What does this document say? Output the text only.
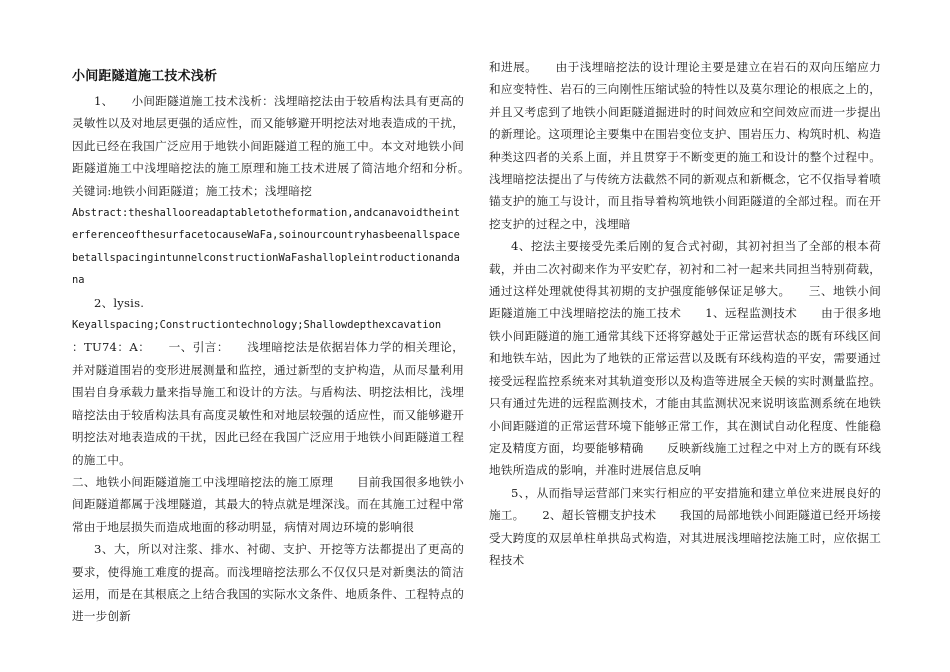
小间距隧道施工技术浅析

1、　　小间距隧道施工技术浅析：浅埋暗挖法由于较盾构法具有更高的灵敏性以及对地层更强的适应性，而又能够避开明挖法对地表造成的干扰，因此已经在我国广泛应用于地铁小间距隧道工程的施工中。本文对地铁小间距隧道施工中浅埋暗挖法的施工原理和施工技术进展了简洁地介绍和分析。　　关键词:地铁小间距隧道；施工技术；浅埋暗挖

Abstract:theshallooreadaptabletotheformation,andcanavoidtheinterferenceofthesurfacetocauseWaFa,soinourcountryhasbeenallspacebetallspacingintunnelconstructionWaFashallopleintroductionandana

2、lysis.

Keyallspacing;Constructiontechnology;Shallowdepthexcavation

：TU74：A：　　一、引言：　　浅埋暗挖法是依据岩体力学的相关理论，并对隧道围岩的变形进展测量和监控，通过新型的支护构造，从而尽量利用围岩自身承载力量来指导施工和设计的方法。与盾构法、明挖法相比，浅埋暗挖法由于较盾构法具有高度灵敏性和对地层较强的适应性，而又能够避开明挖法对地表造成的干扰，因此已经在我国广泛应用于地铁小间距隧道工程的施工中。

二、地铁小间距隧道施工中浅埋暗挖法的施工原理　　目前我国很多地铁小间距隧道都属于浅埋隧道，其最大的特点就是埋深浅。而在其施工过程中常常由于地层损失而造成地面的移动明显，病情对周边环境的影响很

3、大，所以对注浆、排水、衬砌、支护、开挖等方法都提出了更高的要求，使得施工难度的提高。而浅埋暗挖法那么不仅仅只是对新奥法的简洁运用，而是在其根底之上结合我国的实际水文条件、地质条件、工程特点的进一步创新

和进展。　　由于浅埋暗挖法的设计理论主要是建立在岩石的双向压缩应力和应变特性、岩石的三向刚性压缩试验的特性以及莫尔理论的根底之上的，并且又考虑到了地铁小间距隧道掘进时的时间效应和空间效应而进一步提出的新理论。这项理论主要集中在围岩变位支护、围岩压力、构筑时机、构造种类这四者的关系上面，并且贯穿于不断变更的施工和设计的整个过程中。浅埋暗挖法提出了与传统方法截然不同的新观点和新概念，它不仅指导着喷锚支护的施工与设计，而且指导着构筑地铁小间距隧道的全部过程。而在开挖支护的过程之中，浅埋暗

4、挖法主要接受先柔后刚的复合式衬砌，其初衬担当了全部的根本荷载，并由二次衬砌来作为平安贮存，初衬和二衬一起来共同担当特别荷载，通过这样处理就使得其初期的支护强度能够保证足够大。　　三、地铁小间距隧道施工中浅埋暗挖法的施工技术　　1、远程监测技术　　由于很多地铁小间距隧道的施工通常其线下还将穿越处于正常运营状态的既有环线区间和地铁车站，因此为了地铁的正常运营以及既有环线构造的平安，需要通过接受远程监控系统来对其轨道变形以及构造等进展全天候的实时测量监控。只有通过先进的远程监测技术，才能由其监测状况来说明该监测系统在地铁小间距隧道的正常运营环境下能够正常工作，其在测试自动化程度、性能稳定及精度方面，均要能够精确　　反映新线施工过程之中对上方的既有环线地铁所造成的影响，并准时进展信息反响

5、，从而指导运营部门来实行相应的平安措施和建立单位来进展良好的施工。　　2、超长管棚支护技术　　我国的局部地铁小间距隧道已经开场接受大跨度的双层单柱单拱岛式构造，对其进展浅埋暗挖法施工时，应依据工程技术
